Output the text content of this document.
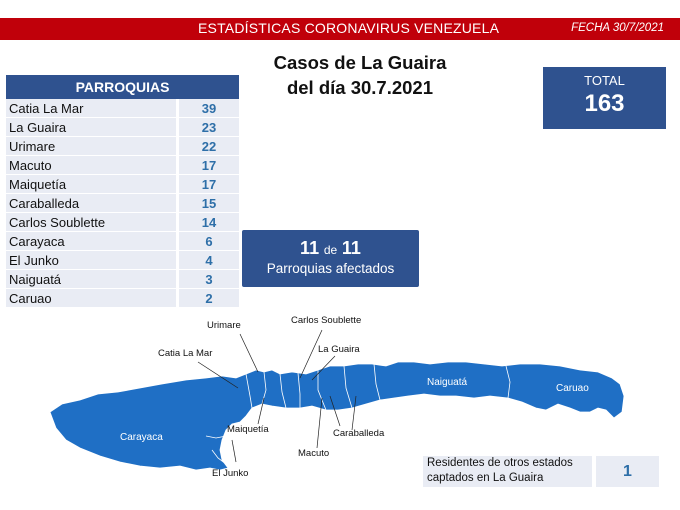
ESTADÍSTICAS CORONAVIRUS VENEZUELA	FECHA 30/7/2021
Casos de La Guaira
del día 30.7.2021	TOTAL
163
PARROQUIAS
Catia La Mar	39
La Guaira	23
Urimare	22
Macuto	17
Maiquetía	17
Caraballeda	15
Carlos Soublette	14
Carayaca	6
El Junko	4
Naiguatá	3
Caruao	2
11 de 11
Parroquias afectados
Urimare	Carlos Soublette
Catia La Mar	La Guaira
Naiguatá
Caruao
Carayaca
Maiquetía	Caraballeda
Macuto
El Junko
Residentes de otros estados captados en La Guaira	1
